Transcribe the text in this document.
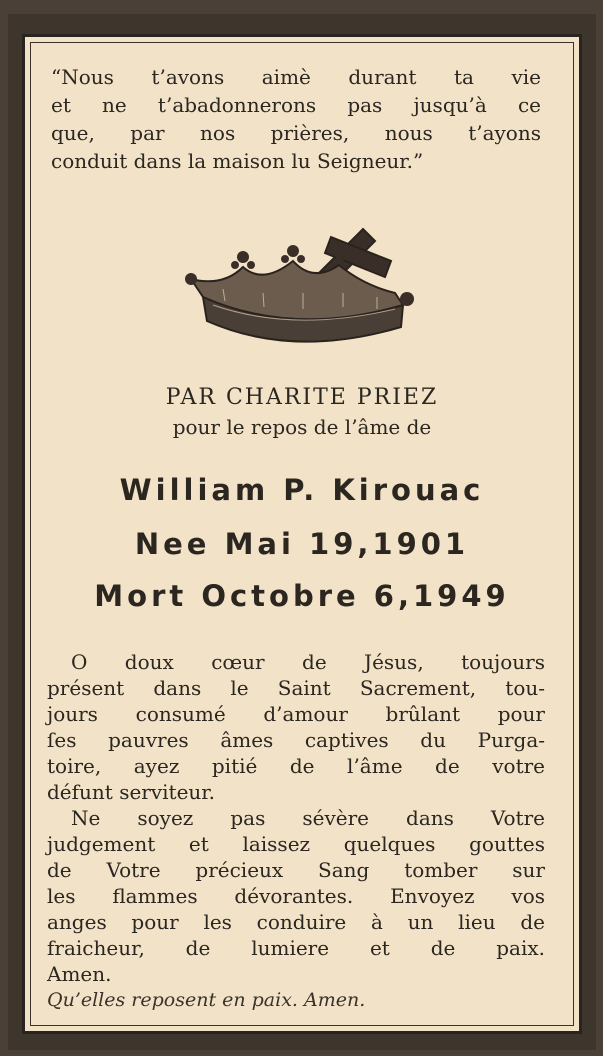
“Nous t’avons aimè durant ta vie
et ne t’abadonnerons pas jusqu’à ce
que, par nos prières, nous t’ayons
conduit dans la maison lu Seigneur.”
PAR CHARITE PRIEZ
pour le repos de l’âme de
William P. Kirouac
Nee Mai 19,1901
Mort Octobre 6,1949
O doux cœur de Jésus, toujours
présent dans le Saint Sacrement, tou-
jours consumé d’amour brûlant pour
ſes pauvres âmes captives du Purga-
toire, ayez pitié de l’âme de votre
défunt serviteur.
Ne soyez pas sévère dans Votre
judgement et laissez quelques gouttes
de Votre précieux Sang tomber sur
les flammes dévorantes. Envoyez vos
anges pour les conduire à un lieu de
fraicheur, de lumiere et de paix.
Amen.
Qu’elles reposent en paix. Amen.
